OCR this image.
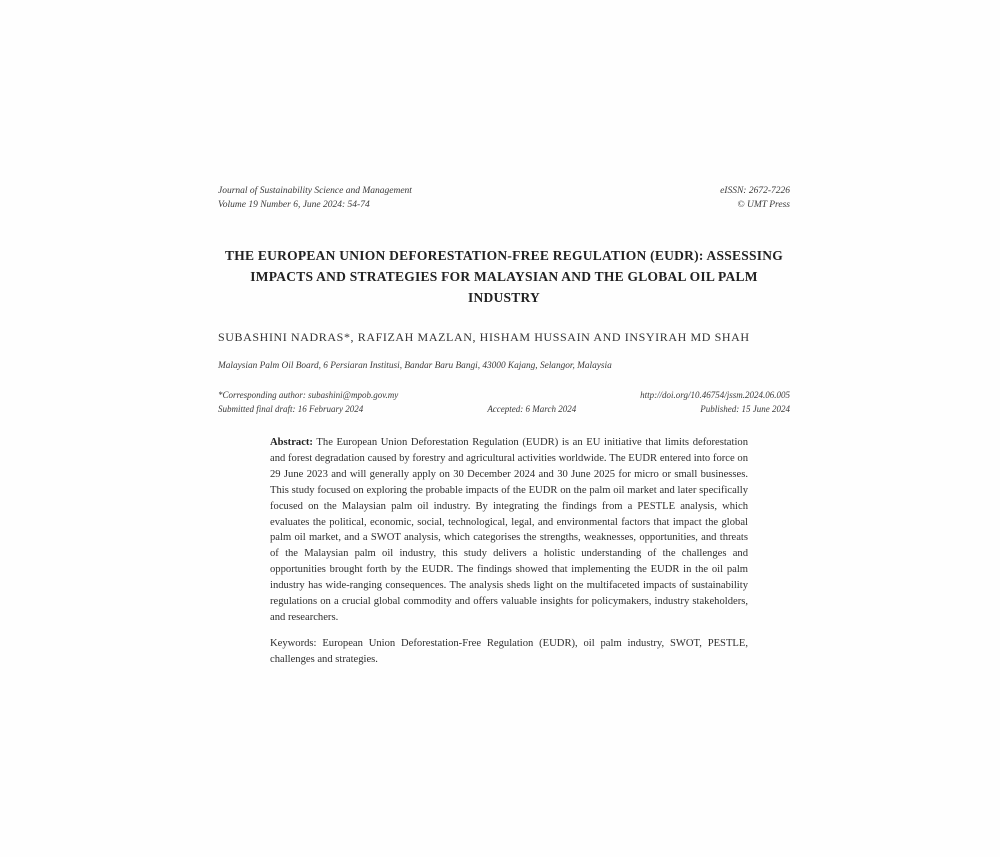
Journal of Sustainability Science and Management
Volume 19 Number 6, June 2024: 54-74
eISSN: 2672-7226
© UMT Press
THE EUROPEAN UNION DEFORESTATION-FREE REGULATION (EUDR): ASSESSING IMPACTS AND STRATEGIES FOR MALAYSIAN AND THE GLOBAL OIL PALM INDUSTRY
SUBASHINI NADRAS*, RAFIZAH MAZLAN, HISHAM HUSSAIN AND INSYIRAH MD SHAH
Malaysian Palm Oil Board, 6 Persiaran Institusi, Bandar Baru Bangi, 43000 Kajang, Selangor, Malaysia
*Corresponding author: subashini@mpob.gov.my	http://doi.org/10.46754/jssm.2024.06.005
Submitted final draft: 16 February 2024	Accepted: 6 March 2024	Published: 15 June 2024

Abstract: The European Union Deforestation Regulation (EUDR) is an EU initiative that limits deforestation and forest degradation caused by forestry and agricultural activities worldwide. The EUDR entered into force on 29 June 2023 and will generally apply on 30 December 2024 and 30 June 2025 for micro or small businesses. This study focused on exploring the probable impacts of the EUDR on the palm oil market and later specifically focused on the Malaysian palm oil industry. By integrating the findings from a PESTLE analysis, which evaluates the political, economic, social, technological, legal, and environmental factors that impact the global palm oil market, and a SWOT analysis, which categorises the strengths, weaknesses, opportunities, and threats of the Malaysian palm oil industry, this study delivers a holistic understanding of the challenges and opportunities brought forth by the EUDR. The findings showed that implementing the EUDR in the oil palm industry has wide-ranging consequences. The analysis sheds light on the multifaceted impacts of sustainability regulations on a crucial global commodity and offers valuable insights for policymakers, industry stakeholders, and researchers.

Keywords: European Union Deforestation-Free Regulation (EUDR), oil palm industry, SWOT, PESTLE, challenges and strategies.
